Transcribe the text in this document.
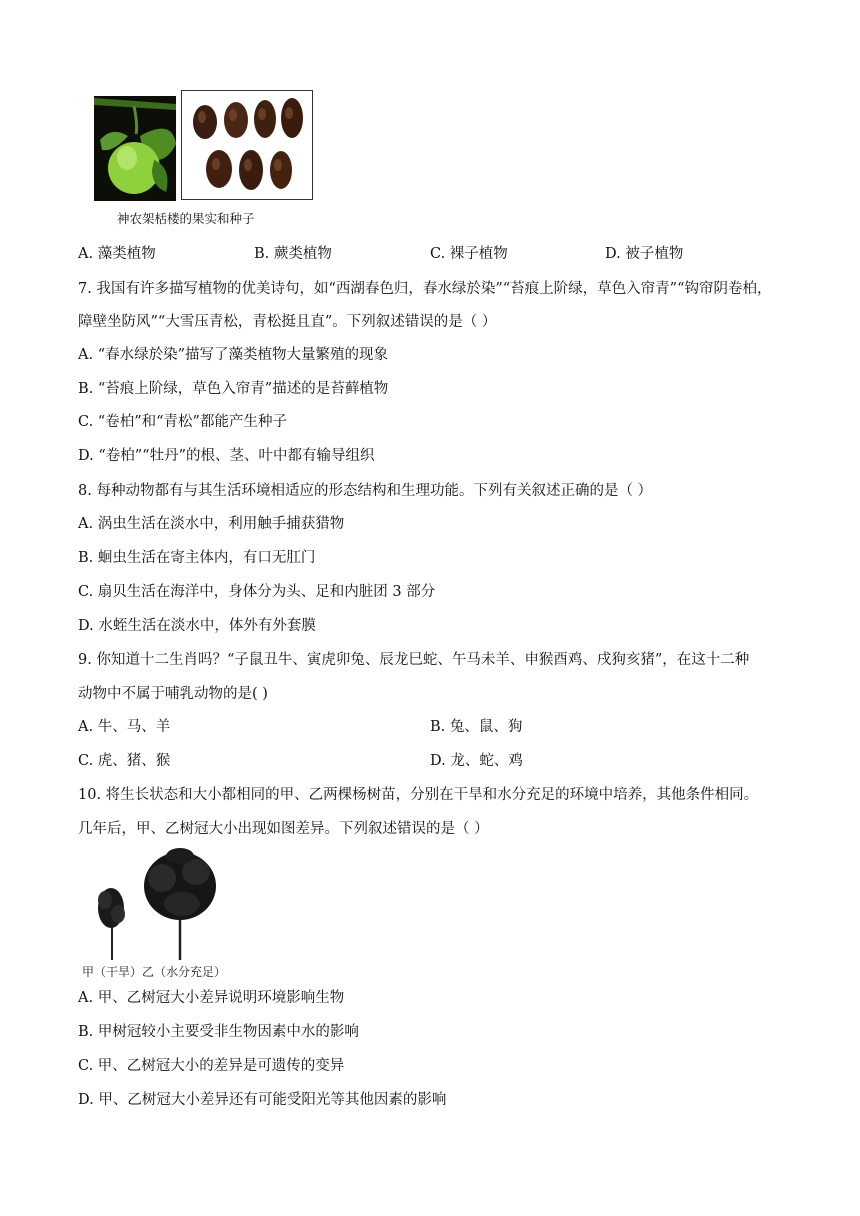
神农架栝楼的果实和种子
A. 藻类植物	B. 蕨类植物	C. 裸子植物	D. 被子植物
7. 我国有许多描写植物的优美诗句，如“西湖春色归，春水绿於染”“苔痕上阶绿，草色入帘青”“钩帘阴卷柏，
障壁坐防风”“大雪压青松，青松挺且直”。下列叙述错误的是（ ）
A. “春水绿於染”描写了藻类植物大量繁殖的现象
B. “苔痕上阶绿，草色入帘青”描述的是苔藓植物
C. “卷柏”和“青松”都能产生种子
D. “卷柏”“牡丹”的根、茎、叶中都有输导组织
8. 每种动物都有与其生活环境相适应的形态结构和生理功能。下列有关叙述正确的是（ ）
A. 涡虫生活在淡水中，利用触手捕获猎物
B. 蛔虫生活在寄主体内，有口无肛门
C. 扇贝生活在海洋中，身体分为头、足和内脏团 3 部分
D. 水蛭生活在淡水中，体外有外套膜
9. 你知道十二生肖吗？“子鼠丑牛、寅虎卯兔、辰龙巳蛇、午马未羊、申猴酉鸡、戌狗亥猪”，在这十二种
动物中不属于哺乳动物的是( )
A. 牛、马、羊	B. 兔、鼠、狗
C. 虎、猪、猴	D. 龙、蛇、鸡
10. 将生长状态和大小都相同的甲、乙两棵杨树苗，分别在干旱和水分充足的环境中培养，其他条件相同。
几年后，甲、乙树冠大小出现如图差异。下列叙述错误的是（ ）
甲（干旱）乙（水分充足）
A. 甲、乙树冠大小差异说明环境影响生物
B. 甲树冠较小主要受非生物因素中水的影响
C. 甲、乙树冠大小的差异是可遗传的变异
D. 甲、乙树冠大小差异还有可能受阳光等其他因素的影响
